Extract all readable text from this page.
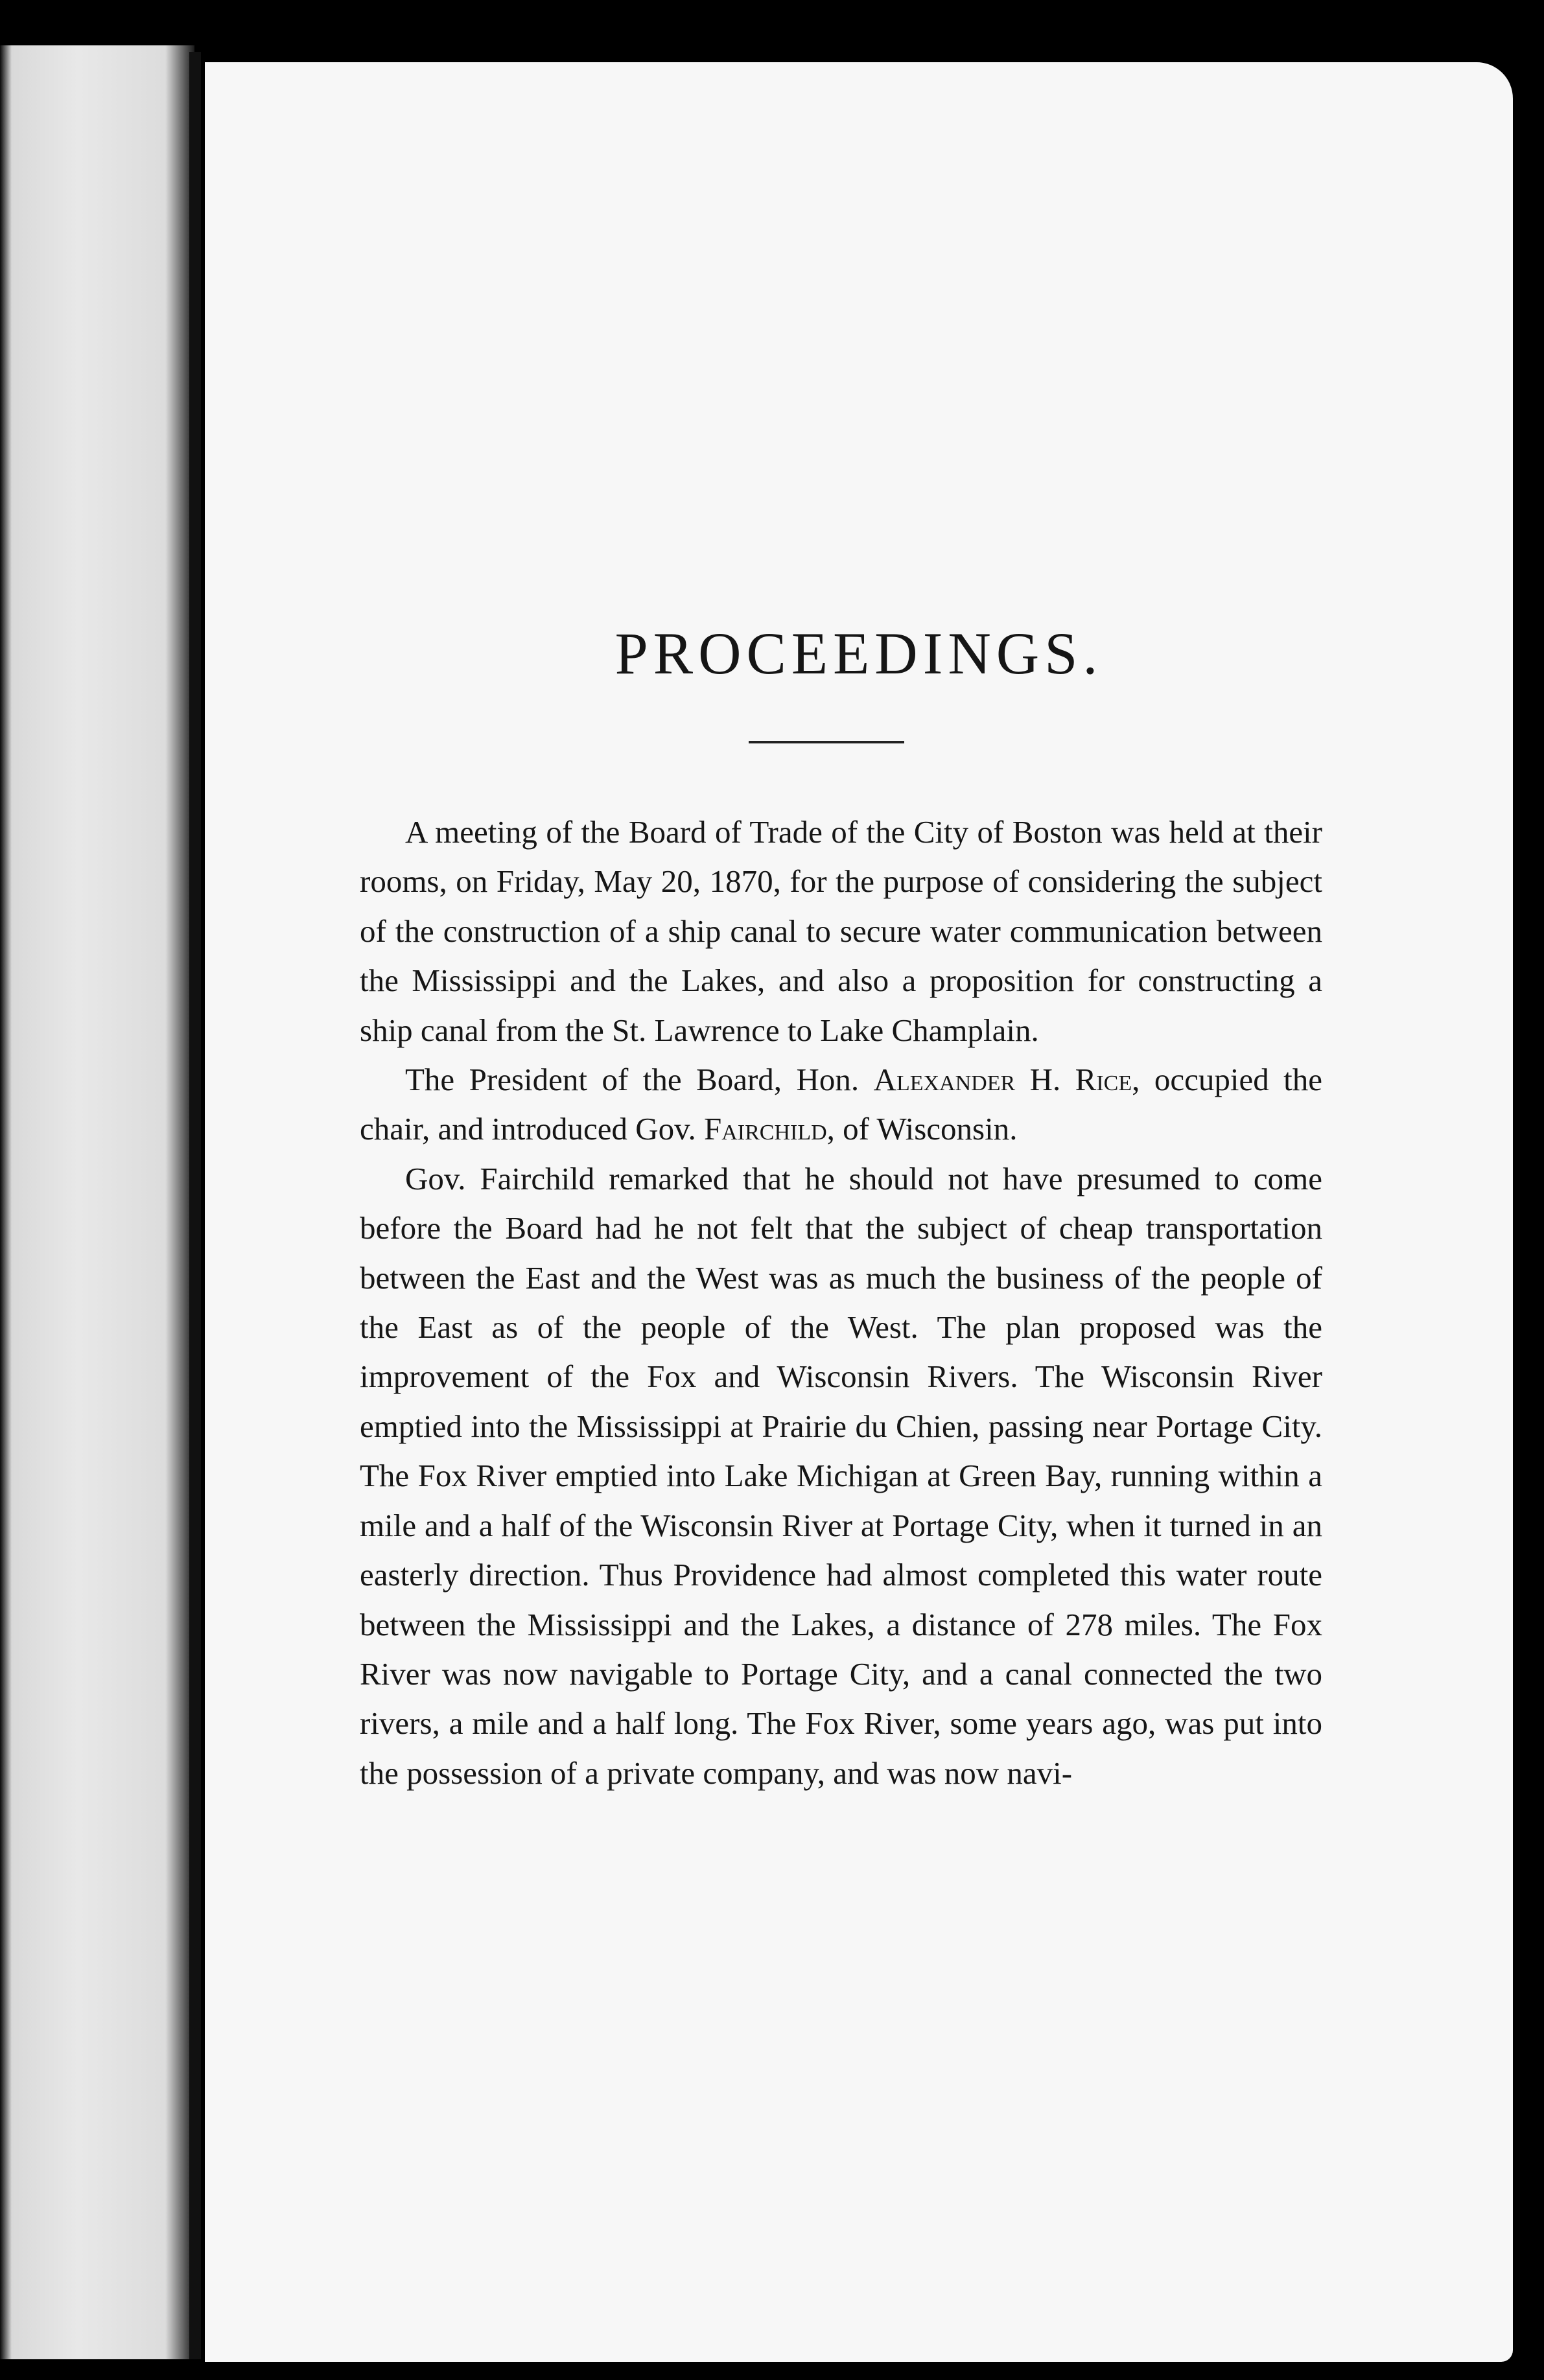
PROCEEDINGS.

A meeting of the Board of Trade of the City of Boston was held at their rooms, on Friday, May 20, 1870, for the purpose of considering the subject of the construction of a ship canal to secure water communication between the Mississippi and the Lakes, and also a proposition for constructing a ship canal from the St. Lawrence to Lake Champlain.

The President of the Board, Hon. Alexander H. Rice, occupied the chair, and introduced Gov. Fairchild, of Wisconsin.

Gov. Fairchild remarked that he should not have presumed to come before the Board had he not felt that the subject of cheap transportation between the East and the West was as much the business of the people of the East as of the people of the West. The plan proposed was the improvement of the Fox and Wisconsin Rivers. The Wisconsin River emptied into the Mississippi at Prairie du Chien, passing near Portage City. The Fox River emptied into Lake Michigan at Green Bay, running within a mile and a half of the Wisconsin River at Portage City, when it turned in an easterly direction. Thus Providence had almost completed this water route between the Mississippi and the Lakes, a distance of 278 miles. The Fox River was now navigable to Portage City, and a canal connected the two rivers, a mile and a half long. The Fox River, some years ago, was put into the possession of a private company, and was now navi-
